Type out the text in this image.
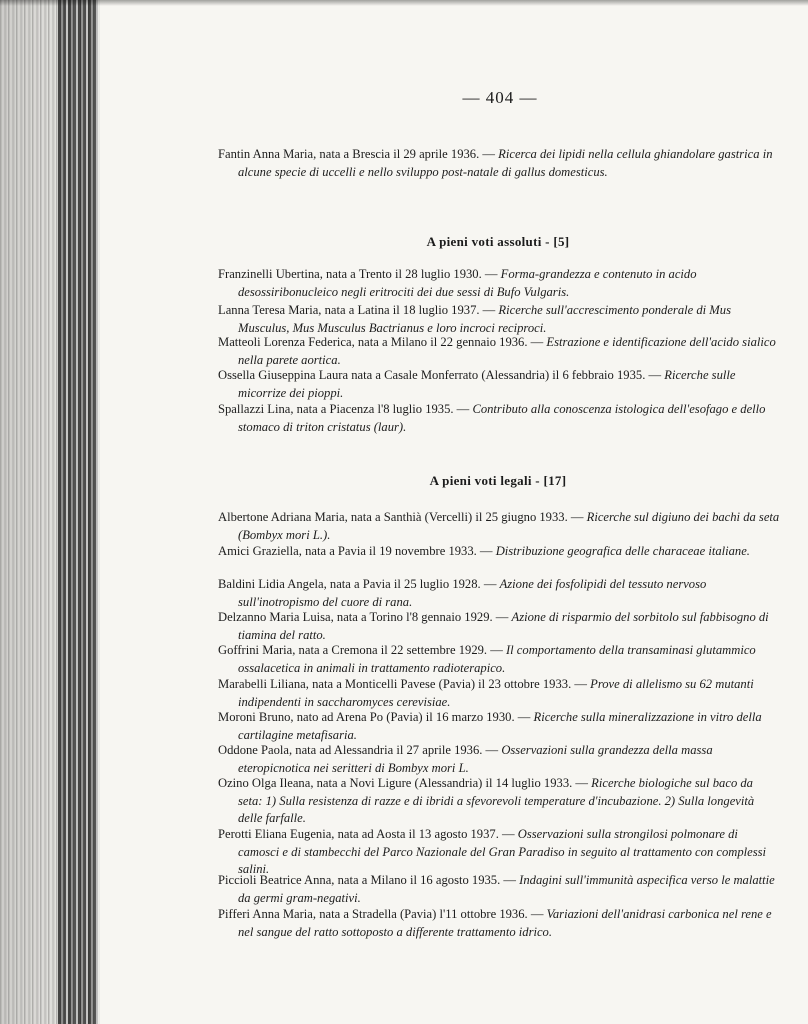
— 404 —
Fantin Anna Maria, nata a Brescia il 29 aprile 1936. — Ricerca dei lipidi nella cellula ghiandolare gastrica in alcune specie di uccelli e nello sviluppo post-natale di gallus domesticus.
A pieni voti assoluti - [5]
Franzinelli Ubertina, nata a Trento il 28 luglio 1930. — Forma-grandezza e contenuto in acido desossiribonucleico negli eritrociti dei due sessi di Bufo Vulgaris.
Lanna Teresa Maria, nata a Latina il 18 luglio 1937. — Ricerche sull'accrescimento ponderale di Mus Musculus, Mus Musculus Bactrianus e loro incroci reciproci.
Matteoli Lorenza Federica, nata a Milano il 22 gennaio 1936. — Estrazione e identificazione dell'acido sialico nella parete aortica.
Ossella Giuseppina Laura nata a Casale Monferrato (Alessandria) il 6 febbraio 1935. — Ricerche sulle micorrize dei pioppi.
Spallazzi Lina, nata a Piacenza l'8 luglio 1935. — Contributo alla conoscenza istologica dell'esofago e dello stomaco di triton cristatus (laur).
A pieni voti legali - [17]
Albertone Adriana Maria, nata a Santhià (Vercelli) il 25 giugno 1933. — Ricerche sul digiuno dei bachi da seta (Bombyx mori L.).
Amici Graziella, nata a Pavia il 19 novembre 1933. — Distribuzione geografica delle characeae italiane.
Baldini Lidia Angela, nata a Pavia il 25 luglio 1928. — Azione dei fosfolipidi del tessuto nervoso sull'inotropismo del cuore di rana.
Delzanno Maria Luisa, nata a Torino l'8 gennaio 1929. — Azione di risparmio del sorbitolo sul fabbisogno di tiamina del ratto.
Goffrini Maria, nata a Cremona il 22 settembre 1929. — Il comportamento della transaminasi glutammico ossalacetica in animali in trattamento radioterapico.
Marabelli Liliana, nata a Monticelli Pavese (Pavia) il 23 ottobre 1933. — Prove di allelismo su 62 mutanti indipendenti in saccharomyces cerevisiae.
Moroni Bruno, nato ad Arena Po (Pavia) il 16 marzo 1930. — Ricerche sulla mineralizzazione in vitro della cartilagine metafisaria.
Oddone Paola, nata ad Alessandria il 27 aprile 1936. — Osservazioni sulla grandezza della massa eteropicnotica nei seritteri di Bombyx mori L.
Ozino Olga Ileana, nata a Novi Ligure (Alessandria) il 14 luglio 1933. — Ricerche biologiche sul baco da seta: 1) Sulla resistenza di razze e di ibridi a sfevorevoli temperature d'incubazione. 2) Sulla longevità delle farfalle.
Perotti Eliana Eugenia, nata ad Aosta il 13 agosto 1937. — Osservazioni sulla strongilosi polmonare di camosci e di stambecchi del Parco Nazionale del Gran Paradiso in seguito al trattamento con complessi salini.
Piccioli Beatrice Anna, nata a Milano il 16 agosto 1935. — Indagini sull'immunità aspecifica verso le malattie da germi gram-negativi.
Pifferi Anna Maria, nata a Stradella (Pavia) l'11 ottobre 1936. — Variazioni dell'anidrasi carbonica nel rene e nel sangue del ratto sottoposto a differente trattamento idrico.
